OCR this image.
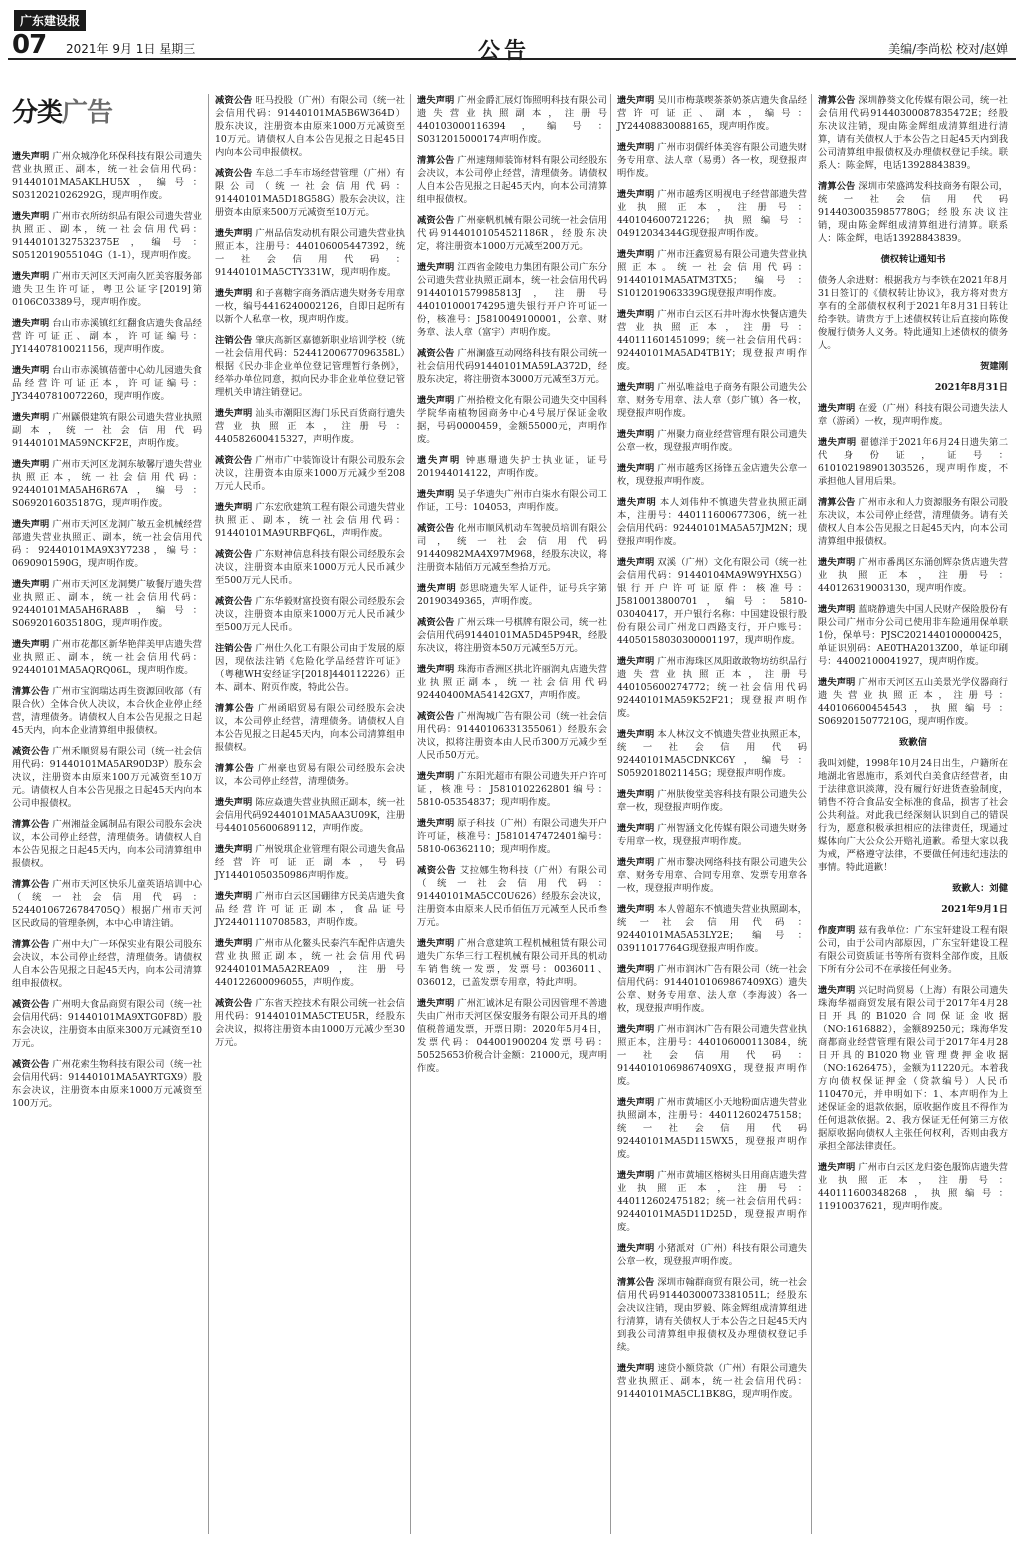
广东建设报
07 2021年 9月 1日 星期三	公告	美编/李尚松 校对/赵婵
分类广告

遗失声明 广州众城净化环保科技有限公司遗失营业执照正、副本，统一社会信用代码：91440101MA5AKLHU5X，编号：S0312021026292G，现声明作废。

遗失声明 广州市衣所纺织品有限公司遗失营业执照正、副本，统一社会信用代码：91440101327532375E，编号：S0512019055104G（1-1），现声明作废。

遗失声明 广州市天河区天河南久匠美容服务部遗失卫生许可证，粤卫公证字[2019]第0106C03389号，现声明作废。

遗失声明 台山市赤溪镇红红翻食店遗失食品经营许可证正、副本，许可证编号：JY14407810021156，现声明作废。

遗失声明 台山市赤溪镇蓓蕾中心幼儿园遗失食品经营许可证正本，许可证编号：JY34407810072260，现声明作废。

遗失声明 广州鼷偎建筑有限公司遗失营业执照副本，统一社会信用代码91440101MA59NCKF2E，声明作废。

遗失声明 广州市天河区龙洞东敏馨厅遗失营业执照正本，统一社会信用代码：92440101MA5AH6R67A，编号：S0692016035187G，现声明作废。

遗失声明 广州市天河区龙洞广敏五金机械经营部遗失营业执照正、副本，统一社会信用代码：92440101MA9X3Y7238，编号：0690901590G，现声明作废。

遗失声明 广州市天河区龙洞樊广敏餐厅遗失营业执照正、副本，统一社会信用代码：92440101MA5AH6RA8B，编号：S0692016035180G，现声明作废。

遗失声明 广州市花都区新华艳萍美甲店遗失营业执照正、副本，统一社会信用代码：92440101MA5AQRQ06L，现声明作废。

清算公告 广州市宝润瑞达再生资源回收部（有限合伙）全体合伙人决议，本合伙企业停止经营，清理债务。请债权人自本公告见报之日起45天内，向本企业清算组申报债权。

减资公告 广州禾顺贸易有限公司（统一社会信用代码：91440101MA5AR90D3P）股东会决议，注册资本由原来100万元减资至10万元。请债权人自本公告见报之日起45天内向本公司申报债权。

清算公告 广州湘益金属制品有限公司股东会决议，本公司停止经营，清理债务。请债权人自本公告见报之日起45天内，向本公司清算组申报债权。

清算公告 广州市天河区快乐儿童英语培训中心（统一社会信用代码：52440106726784705Q）根据广州市天河区民政局的管理条例，本中心申请注销。

清算公告 广州中大广一环保实业有限公司股东会决议，本公司停止经营，清理债务。请债权人自本公告见报之日起45天内，向本公司清算组申报债权。

减资公告 广州明大食品商贸有限公司（统一社会信用代码：91440101MA9XTG0F8D）股东会决议，注册资本由原来300万元减资至10万元。

减资公告 广州花索生物科技有限公司（统一社会信用代码：91440101MA5AYRTGX9）股东会决议，注册资本由原来1000万元减资至100万元。

减资公告 旺马投股（广州）有限公司（统一社会信用代码：91440101MA5B6W364D）股东决议，注册资本由原来1000万元减资至10万元。请债权人自本公告见报之日起45日内向本公司申报债权。

减资公告 车总二手车市场经营管理（广州）有限公司（统一社会信用代码：91440101MA5D18G58G）股东会决议，注册资本由原来500万元减资至10万元。

遗失声明 广州品信发动机有限公司遗失营业执照正本，注册号：440106005447392，统一社会信用代码：91440101MA5CTY331W，现声明作废。

遗失声明 和子喜糖字商务酒店遗失财务专用章一枚，编号4416240002126，自即日起所有以新个人私章一枚，现声明作废。

注销公告 肇庆高新区嘉德新职业培训学校（统一社会信用代码：52441200677096358L）根据《民办非企业单位登记管理暂行条例》，经举办单位同意，拟向民办非企业单位登记管理机关申请注销登记。

遗失声明 汕头市潮阳区海门乐民百货商行遗失营业执照正本，注册号：440582600415327，声明作废。

减资公告 广州市广中装饰设计有限公司股东会决议，注册资本由原来1000万元减少至208万元人民币。

遗失声明 广东宏欣建筑工程有限公司遗失营业执照正、副本，统一社会信用代码：91440101MA9URBFQ6L，声明作废。

减资公告 广东财神信息科技有限公司经股东会决议，注册资本由原来1000万元人民币减少至500万元人民币。

减资公告 广东华毅财富投资有限公司经股东会决议，注册资本由原来1000万元人民币减少至500万元人民币。

注销公告 广州仕久化工有限公司由于发展的原因，现依法注销《危险化学品经营许可证》（粤穗WH安经证字[2018]440112226）正本、副本、附页作废，特此公告。

清算公告 广州函昭贸易有限公司经股东会决议，本公司停止经营，清理债务。请债权人自本公告见报之日起45天内，向本公司清算组申报债权。

清算公告 广州豪也贸易有限公司经股东会决议，本公司停止经营，清理债务。

遗失声明 陈应焱遗失营业执照正副本，统一社会信用代码92440101MA5AA3U09K，注册号440105600689112，声明作废。

遗失声明 广州锐琪企业管理有限公司遗失食品经营许可证正副本，号码JY14401050350986声明作废。

遗失声明 广州市白云区国硼律方民美店遗失食品经营许可证正副本，食品证号JY24401110708583，声明作废。

遗失声明 广州市从化鳌头民泰汽车配件店遗失营业执照正副本，统一社会信用代码92440101MA5A2REA09，注册号440122600096055，声明作废。

减资公告 广东省天控技术有限公司统一社会信用代码：91440101MA5CTEU5R，经股东会决议，拟将注册资本由1000万元减少至30万元。

遗失声明 广州金爵汇展灯饰照明科技有限公司遗失营业执照副本，注册号440103000116394，编号：S0312015000174声明作废。

清算公告 广州速翔师装饰材料有限公司经股东会决议，本公司停止经营，清理债务。请债权人自本公告见报之日起45天内，向本公司清算组申报债权。

减资公告 广州豪帆机械有限公司统一社会信用代码91440101054521186R，经股东决定，将注册资本1000万元减至200万元。

遗失声明 江西省金陵电力集团有限公司广东分公司遗失营业执照正副本，统一社会信用代码91440101579985813J，注册号440101000174295遗失银行开户许可证一份，核准号：J5810049100001，公章、财务章、法人章（富宇）声明作废。

减资公告 广州澜盛互动网络科技有限公司统一社会信用代码91440101MA59LA372D，经股东决定，将注册资本3000万元减至3万元。

遗失声明 广州拾橙文化有限公司遗失交中国科学院华南植物园商务中心4号展厅保证金收据，号码0000459，金额55000元，声明作废。

遗失声明 钟惠珊遗失护士执业证，证号201944014122，声明作废。

遗失声明 吴子华遗失广州市白柒水有限公司工作证，工号：104053，声明作废。

减资公告 化州市顺风机动车驾驶员培训有限公司，统一社会信用代码91440982MA4X97M968，经股东决议，将注册资本陆佰万元减至叁拾万元。

遗失声明 彭思晓遗失军人证件，证号兵字第20190349365，声明作废。

减资公告 广州云珠一号棋牌有限公司，统一社会信用代码91440101MA5D45P94R，经股东决议，将注册资本50万元减至5万元。

遗失声明 珠海市香洲区拱北许丽润丸店遗失营业执照正副本，统一社会信用代码92440400MA54142GX7，声明作废。

减资公告 广州淘城广告有限公司（统一社会信用代码：91440106331355061）经股东会决议，拟将注册资本由人民币300万元减少至人民币50万元。

遗失声明 广东阳光超市有限公司遗失开户许可证，核准号：J5810102262801编号：5810-05354837；现声明作废。

遗失声明 原子科技（广州）有限公司遗失开户许可证，核准号：J5810147472401编号：5810-06362110；现声明作废。

减资公告 艾拉娜生物科技（广州）有限公司（统一社会信用代码：91440101MA5CC0U626）经股东会决议，注册资本由原来人民币佰伍万元减至人民币叁万元。

遗失声明 广州合意建筑工程机械租赁有限公司遗失广东华三行工程机械有限公司开具的机动车销售统一发票，发票号：0036011、036012，已盖发票专用章，特此声明。

遗失声明 广州汇诚沐足有限公司因管理不善遗失由广州市天河区保安服务有限公司开具的增值税普通发票，开票日期：2020年5月4日，发票代码：044001900204发票号码：50525653价税合计金额：21000元，现声明作废。

遗失声明 吴川市梅菉喫茶茶奶茶店遗失食品经营许可证正、副本，编号：JY24408830088165，现声明作废。

遗失声明 广州市羽儒纤体美容有限公司遗失财务专用章、法人章（易勇）各一枚，现登报声明作废。

遗失声明 广州市越秀区明视电子经营部遗失营业执照正本，注册号：440104600721226；执照编号：04912034344G现登报声明作废。

遗失声明 广州市汪鑫贸易有限公司遗失营业执照正本。统一社会信用代码：91440101MA5ATM3TX5；编号：S1012019063339G现登报声明作废。

遗失声明 广州市白云区石井叶海水快餐店遗失营业执照正本，注册号：440111601451099；统一社会信用代码：92440101MA5AD4TB1Y；现登报声明作废。

遗失声明 广州弘唯益电子商务有限公司遗失公章、财务专用章、法人章（彭广镇）各一枚，现登报声明作废。

遗失声明 广州聚力商业经营管理有限公司遗失公章一枚，现登报声明作废。

遗失声明 广州市越秀区扬锋五金店遗失公章一枚，现登报声明作废。

遗失声明 本人刘伟仲不慎遗失营业执照正副本，注册号：440111600677306，统一社会信用代码：92440101MA5A57JM2N；现登报声明作废。

遗失声明 双溪（广州）文化有限公司（统一社会信用代码：91440104MA9W9YHX5G）银行开户许可证原件：核准号：J5810013800701，编号：5810-03040417，开户银行名称：中国建设银行股份有限公司广州龙口西路支行，开户账号：44050158030300001197，现声明作废。

遗失声明 广州市海珠区凤阳敢敢物坊纺织品行遗失营业执照正本，注册号440105600274772；统一社会信用代码92440101MA59K52F21；现登报声明作废。

遗失声明 本人林汉文不慎遗失营业执照正本，统一社会信用代码92440101MA5CDNKC6Y，编号：S0592018021145G；现登报声明作废。

遗失声明 广州肤俊堂美容科技有限公司遗失公章一枚，现登报声明作废。

遗失声明 广州智涵文化传媒有限公司遗失财务专用章一枚，现登报声明作废。

遗失声明 广州市黎决网络科技有限公司遗失公章、财务专用章、合同专用章、发票专用章各一枚，现登报声明作废。

遗失声明 本人曾超东不慎遗失营业执照副本，统一社会信用代码：92440101MA5A53LY2E；编号：03911017764G现登报声明作废。

遗失声明 广州市润沐广告有限公司（统一社会信用代码：91440101069867409XG）遗失公章、财务专用章、法人章（李海波）各一枚，现登报声明作废。

遗失声明 广州市润沐广告有限公司遗失营业执照正本，注册号：440106000113084，统一社会信用代码：91440101069867409XG，现登报声明作废。

遗失声明 广州市黄埔区小天地粉面店遗失营业执照副本，注册号：440112602475158；统一社会信用代码92440101MA5D115WX5，现登报声明作废。

遗失声明 广州市黄埔区榕树头日用商店遗失营业执照正本，注册号：440112602475182；统一社会信用代码：92440101MA5D11D25D，现登报声明作废。

遗失声明 小猪派对（广州）科技有限公司遗失公章一枚，现登报声明作废。

清算公告 深圳市翰群商贸有限公司，统一社会信用代码91440300073381051L；经股东会决议注销，现由罗毅、陈金辉组成清算组进行清算，请有关债权人于本公告之日起45天内到我公司清算组申报债权及办理债权登记手续。

遗失声明 速贷小额贷款（广州）有限公司遗失营业执照正、副本，统一社会信用代码：91440101MA5CL1BK8G，现声明作废。

清算公告 深圳静葵文化传媒有限公司，统一社会信用代码91440300087835472E；经股东决议注销，现由陈金辉组成清算组进行清算，请有关债权人于本公告之日起45天内到我公司清算组申报债权及办理债权登记手续。联系人：陈金辉，电话13928843839。

清算公告 深圳市荣盛鸿发科技商务有限公司，统一社会信用代码91440300359857780G；经股东决议注销，现由陈金辉组成清算组进行清算。联系人：陈金辉，电话13928843839。

债权转让通知书

债务人余进财：根据我方与李铁在2021年8月31日签订的《债权转让协议》，我方将对贵方享有的全部债权权利于2021年8月31日转让给李铁。请贵方于上述债权转让后直接向陈俊俊履行债务人义务。特此通知上述债权的债务人。

贺建刚

2021年8月31日

遗失声明 在爱（广州）科技有限公司遗失法人章（游函）一枚，现声明作废。

遗失声明 翟德洋于2021年6月24日遗失第二代身份证，证号：610102198901303526，现声明作废，不承担他人冒用后果。

清算公告 广州市永和人力资源服务有限公司股东决议，本公司停止经营，清理债务。请有关债权人自本公告见报之日起45天内，向本公司清算组申报债权。

遗失声明 广州市番禺区东涌创辉杂货店遗失营业执照正本，注册号：440126319003130，现声明作废。

遗失声明 蓝晓静遗失中国人民财产保险股份有限公司广州市分公司已使用非车险通用保单联1份，保单号：PJSC2021440100000425，单证识别码：AE0THA2013Z00，单证印刷号：44002100041927，现声明作废。

遗失声明 广州市天河区五山美景光学仪器商行遗失营业执照正本，注册号：440106600454543，执照编号：S0692015077210G，现声明作废。

致歉信

我叫刘健，1998年10月24日出生，户籍所在地湖北省恩施市，系刘代白美食店经营者，由于法律意识淡薄，没有履行好进货查验制度，销售不符合食品安全标准的食品，损害了社会公共利益。对此我已经深刻认识到自己的错误行为，愿意积极承担相应的法律责任，现通过媒体向广大公众公开赔礼道歉。希望大家以我为戒，严格遵守法律，不要做任何违纪违法的事情。特此道歉！

致歉人：刘健

2021年9月1日

作废声明 兹有我单位：广东宝轩建设工程有限公司，由于公司内部原因，广东宝轩建设工程有限公司资质证书等所有资料全部作废，且版下所有分公司不在承接任何业务。

遗失声明 兴记时尚贸易（上海）有限公司遗失珠海华福商贸发展有限公司于2017年4月28日开具的B1020合同保证金收据（NO:1616882），金额89250元；珠海华发商都商业经营管理有限公司于2017年4月28日开具的B1020物业管理费押金收据（NO:1626475），金额为11220元。本着我方向债权保证押金（贷款编号）人民币110470元，并申明如下：1、本声明作为上述保证金的退款依据，原收据作废且不得作为任何退款依据。2、我方保证无任何第三方依据原收据向债权人主张任何权利，否则由我方承担全部法律责任。

遗失声明 广州市白云区龙归姿色服饰店遗失营业执照正本，注册号：440111600348268，执照编号：11910037621，现声明作废。
